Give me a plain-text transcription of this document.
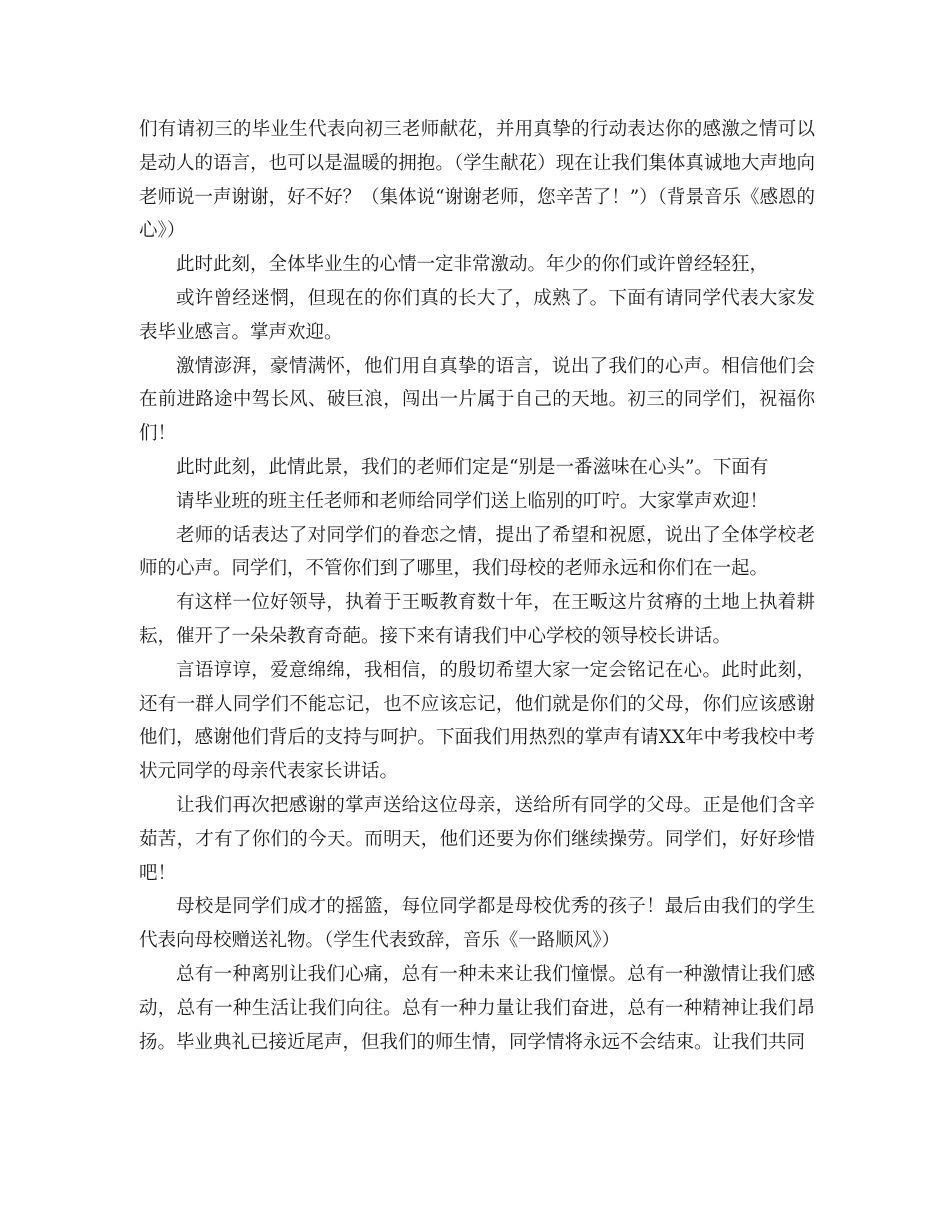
们有请初三的毕业生代表向初三老师献花，并用真挚的行动表达你的感激之情可以是动人的语言，也可以是温暖的拥抱。（学生献花）现在让我们集体真诚地大声地向老师说一声谢谢，好不好？（集体说“谢谢老师，您辛苦了！”）（背景音乐《感恩的心》）

此时此刻，全体毕业生的心情一定非常激动。年少的你们或许曾经轻狂，

或许曾经迷惘，但现在的你们真的长大了，成熟了。下面有请同学代表大家发表毕业感言。掌声欢迎。

激情澎湃，豪情满怀，他们用自真挚的语言，说出了我们的心声。相信他们会在前进路途中驾长风、破巨浪，闯出一片属于自己的天地。初三的同学们，祝福你们！

此时此刻，此情此景，我们的老师们定是“别是一番滋味在心头”。下面有

请毕业班的班主任老师和老师给同学们送上临别的叮咛。大家掌声欢迎！

老师的话表达了对同学们的眷恋之情，提出了希望和祝愿，说出了全体学校老师的心声。同学们，不管你们到了哪里，我们母校的老师永远和你们在一起。

有这样一位好领导，执着于王畈教育数十年，在王畈这片贫瘠的土地上执着耕耘，催开了一朵朵教育奇葩。接下来有请我们中心学校的领导校长讲话。

言语谆谆，爱意绵绵，我相信，的殷切希望大家一定会铭记在心。此时此刻，还有一群人同学们不能忘记，也不应该忘记，他们就是你们的父母，你们应该感谢他们，感谢他们背后的支持与呵护。下面我们用热烈的掌声有请XX年中考我校中考状元同学的母亲代表家长讲话。

让我们再次把感谢的掌声送给这位母亲，送给所有同学的父母。正是他们含辛茹苦，才有了你们的今天。而明天，他们还要为你们继续操劳。同学们，好好珍惜吧！

母校是同学们成才的摇篮，每位同学都是母校优秀的孩子！最后由我们的学生代表向母校赠送礼物。（学生代表致辞，音乐《一路顺风》）

总有一种离别让我们心痛，总有一种未来让我们憧憬。总有一种激情让我们感动，总有一种生活让我们向往。总有一种力量让我们奋进，总有一种精神让我们昂扬。毕业典礼已接近尾声，但我们的师生情，同学情将永远不会结束。让我们共同
